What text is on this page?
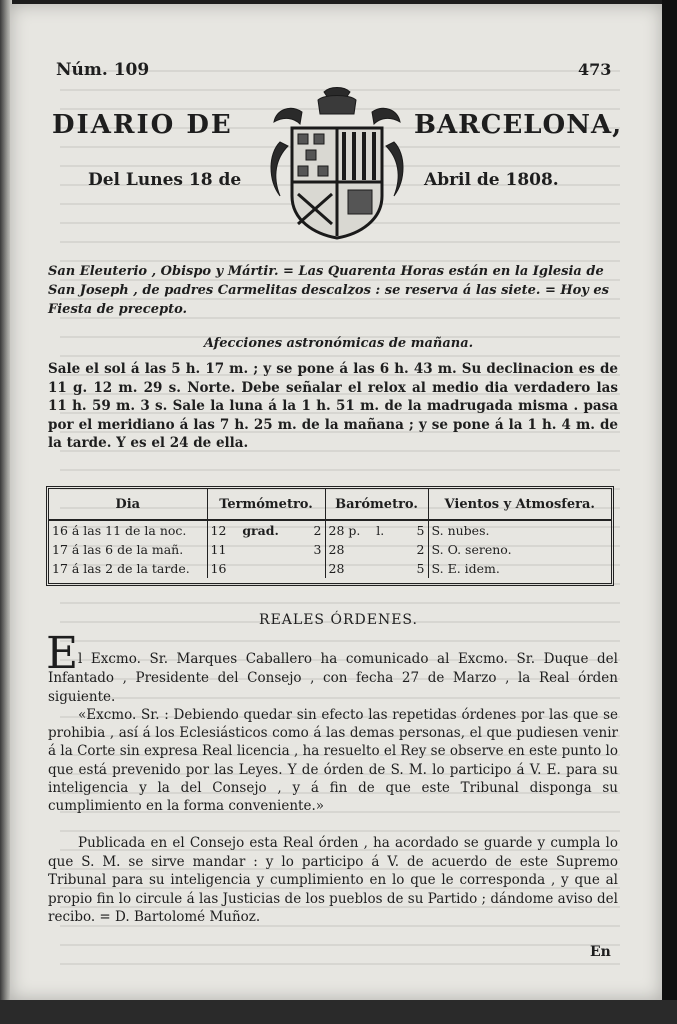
Núm. 109	473
DIARIO DE	BARCELONA,
Del Lunes 18 de	Abril de 1808.
San Eleuterio , Obispo y Mártir. = Las Quarenta Horas están en la Iglesia de San Joseph , de padres Carmelitas descalzos : se reserva á las siete. = Hoy es Fiesta de precepto.
Afecciones astronómicas de mañana.
Sale el sol á las 5 h. 17 m. ; y se pone á las 6 h. 43 m. Su declinacion es de 11 g. 12 m. 29 s. Norte. Debe señalar el relox al medio dia verdadero las 11 h. 59 m. 3 s. Sale la luna á la 1 h. 51 m. de la madrugada misma . pasa por el meridiano á las 7 h. 25 m. de la mañana ; y se pone á la 1 h. 4 m. de la tarde. Y es el 24 de ella.
Dia	Termómetro.	Barómetro.	Vientos y Atmosfera.
16 á las 11 de la noc.	12 grad. 2	28 p. l. 5	S. nubes.
17 á las 6 de la mañ.	11 3	28 2	S. O. sereno.
17 á las 2 de la tarde.	16	28 5	S. E. idem.
REALES ÓRDENES.
E l Excmo. Sr. Marques Caballero ha comunicado al Excmo. Sr. Duque del Infantado , Presidente del Consejo , con fecha 27 de Marzo , la Real órden siguiente.
«Excmo. Sr. : Debiendo quedar sin efecto las repetidas órdenes por las que se prohibia , así á los Eclesiásticos como á las demas personas, el que pudiesen venir á la Corte sin expresa Real licencia , ha resuelto el Rey se observe en este punto lo que está prevenido por las Leyes. Y de órden de S. M. lo participo á V. E. para su inteligencia y la del Consejo , y á fin de que este Tribunal disponga su cumplimiento en la forma conveniente.»
Publicada en el Consejo esta Real órden , ha acordado se guarde y cumpla lo que S. M. se sirve mandar : y lo participo á V. de acuerdo de este Supremo Tribunal para su inteligencia y cumplimiento en lo que le corresponda , y que al propio fin lo circule á las Justicias de los pueblos de su Partido ; dándome aviso del recibo. = D. Bartolomé Muñoz.
En
